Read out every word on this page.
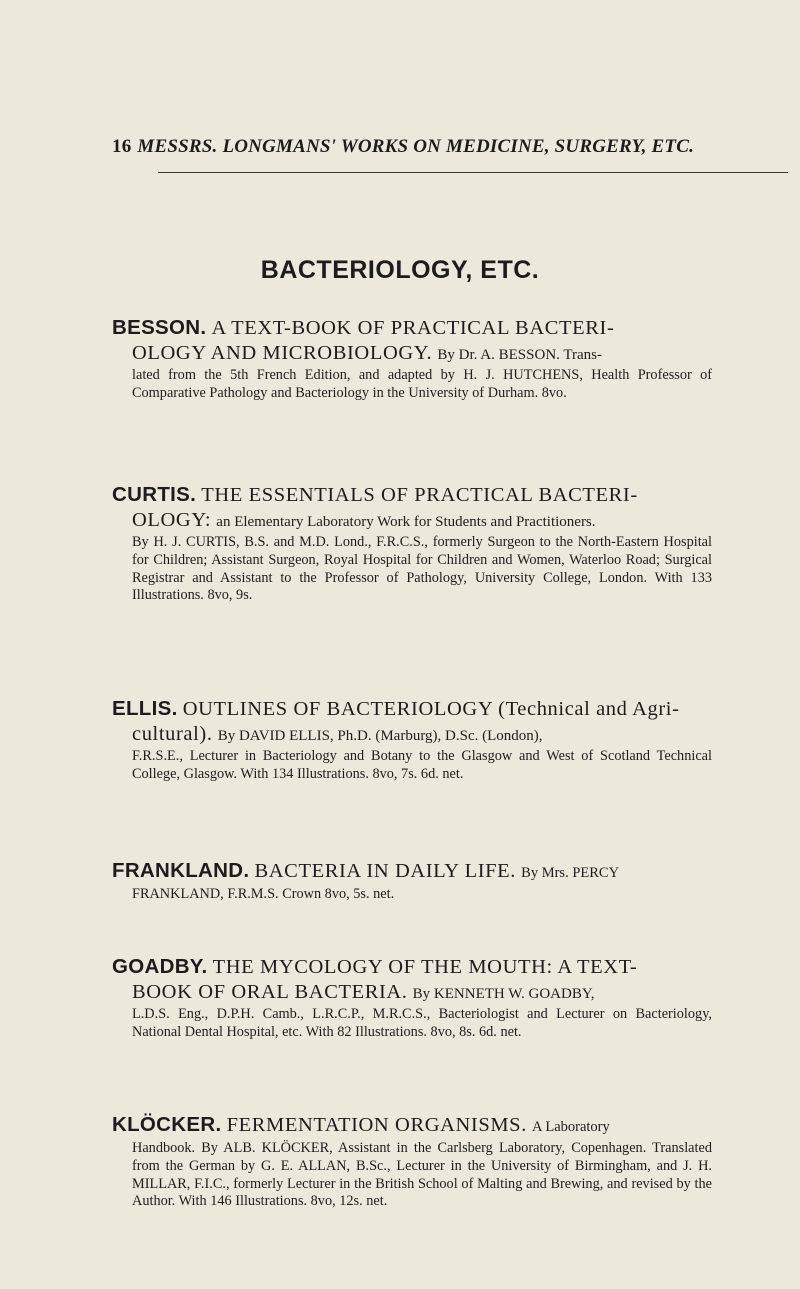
16 MESSRS. LONGMANS' WORKS ON MEDICINE, SURGERY, ETC.
BACTERIOLOGY, ETC.
BESSON. A TEXT-BOOK OF PRACTICAL BACTERI-
OLOGY AND MICROBIOLOGY. By Dr. A. BESSON. Trans-
lated from the 5th French Edition, and adapted by H. J. HUTCHENS, Health Professor of Comparative Pathology and Bacteriology in the University of Durham. 8vo.
CURTIS. THE ESSENTIALS OF PRACTICAL BACTERI-
OLOGY: an Elementary Laboratory Work for Students and Practitioners.
By H. J. CURTIS, B.S. and M.D. Lond., F.R.C.S., formerly Surgeon to the North-Eastern Hospital for Children; Assistant Surgeon, Royal Hospital for Children and Women, Waterloo Road; Surgical Registrar and Assistant to the Professor of Pathology, University College, London. With 133 Illustrations. 8vo, 9s.
ELLIS. OUTLINES OF BACTERIOLOGY (Technical and Agri-
cultural). By DAVID ELLIS, Ph.D. (Marburg), D.Sc. (London),
F.R.S.E., Lecturer in Bacteriology and Botany to the Glasgow and West of Scotland Technical College, Glasgow. With 134 Illustrations. 8vo, 7s. 6d. net.
FRANKLAND. BACTERIA IN DAILY LIFE. By Mrs. PERCY
FRANKLAND, F.R.M.S. Crown 8vo, 5s. net.
GOADBY. THE MYCOLOGY OF THE MOUTH: A TEXT-
BOOK OF ORAL BACTERIA. By KENNETH W. GOADBY,
L.D.S. Eng., D.P.H. Camb., L.R.C.P., M.R.C.S., Bacteriologist and Lecturer on Bacteriology, National Dental Hospital, etc. With 82 Illustrations. 8vo, 8s. 6d. net.
KLÖCKER. FERMENTATION ORGANISMS. A Laboratory
Handbook. By ALB. KLÖCKER, Assistant in the Carlsberg Laboratory, Copenhagen. Translated from the German by G. E. ALLAN, B.Sc., Lecturer in the University of Birmingham, and J. H. MILLAR, F.I.C., formerly Lecturer in the British School of Malting and Brewing, and revised by the Author. With 146 Illustrations. 8vo, 12s. net.
